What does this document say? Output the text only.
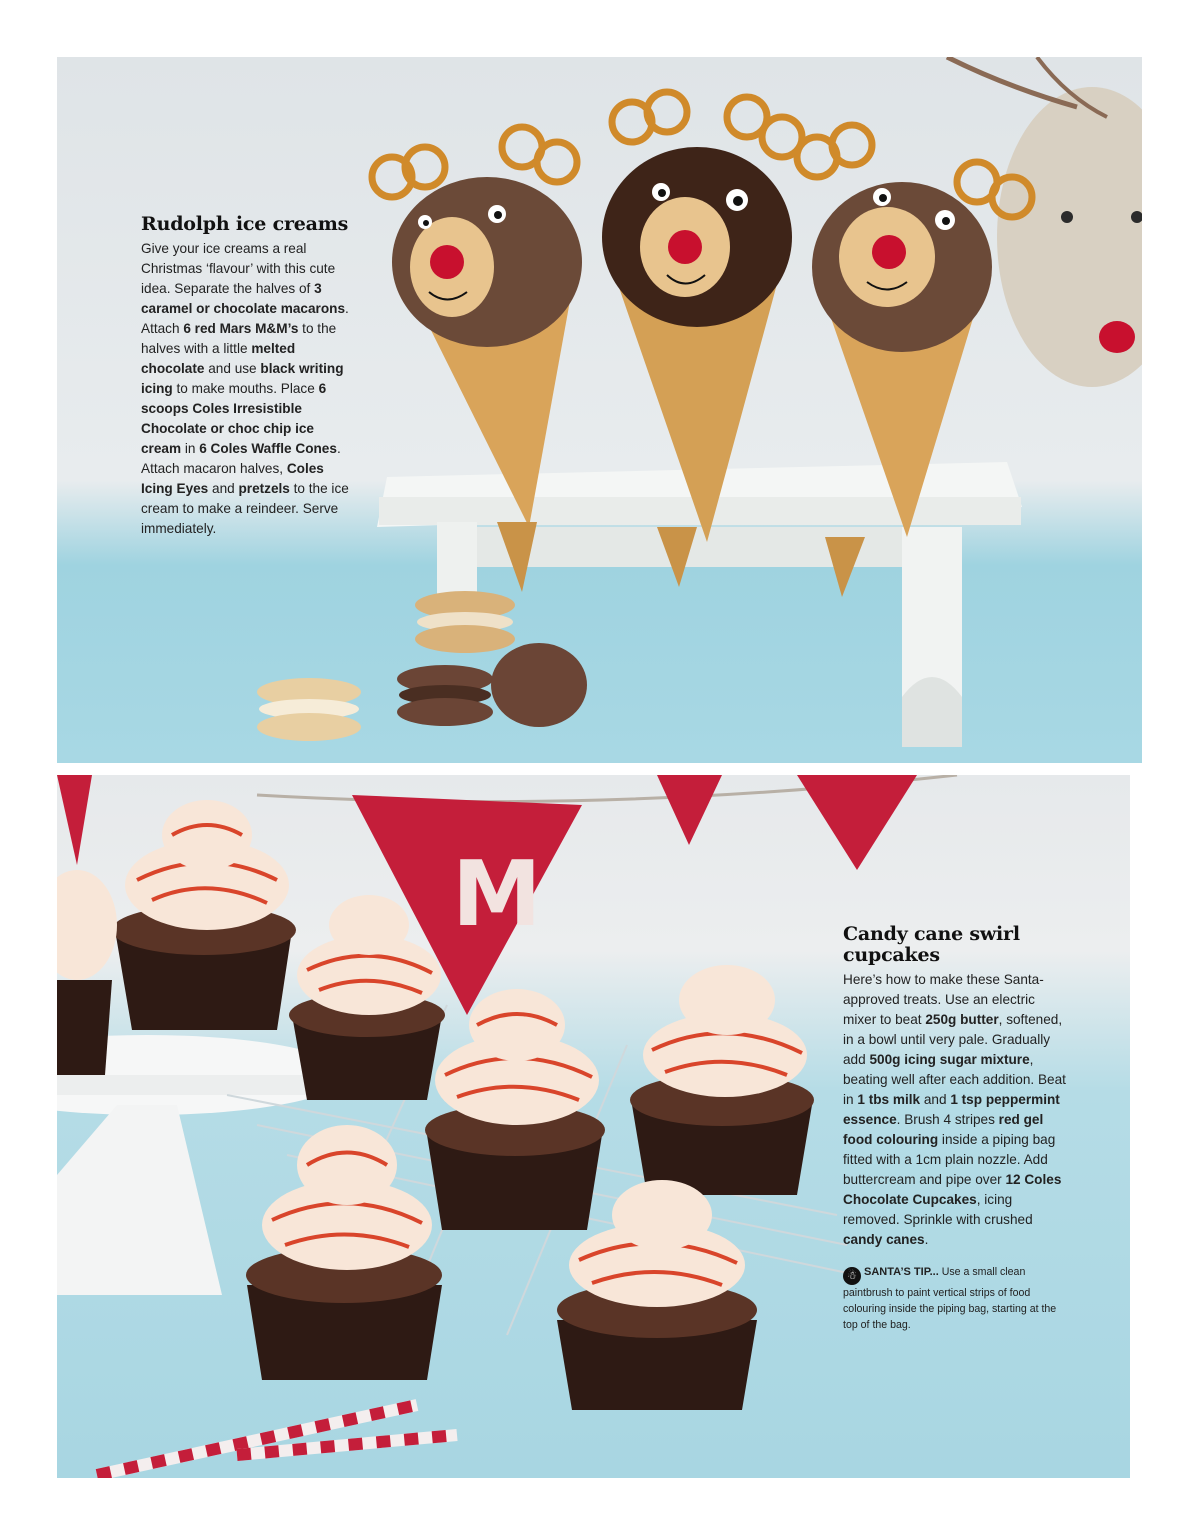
Rudolph ice creams

Give your ice creams a real Christmas ‘flavour’ with this cute idea. Separate the halves of 3 caramel or chocolate macarons. Attach 6 red Mars M&M’s to the halves with a little melted chocolate and use black writing icing to make mouths. Place 6 scoops Coles Irresistible Chocolate or choc chip ice cream in 6 Coles Waffle Cones. Attach macaron halves, Coles Icing Eyes and pretzels to the ice cream to make a reindeer. Serve immediately.

M	Candy cane swirl cupcakes

Here’s how to make these Santa-approved treats. Use an electric mixer to beat 250g butter, softened, in a bowl until very pale. Gradually add 500g icing sugar mixture, beating well after each addition. Beat in 1 tbs milk and 1 tsp peppermint essence. Brush 4 stripes red gel food colouring inside a piping bag fitted with a 1cm plain nozzle. Add buttercream and pipe over 12 Coles Chocolate Cupcakes, icing removed. Sprinkle with crushed candy canes.

☃ SANTA’S TIP... Use a small clean paintbrush to paint vertical strips of food colouring inside the piping bag, starting at the top of the bag.
